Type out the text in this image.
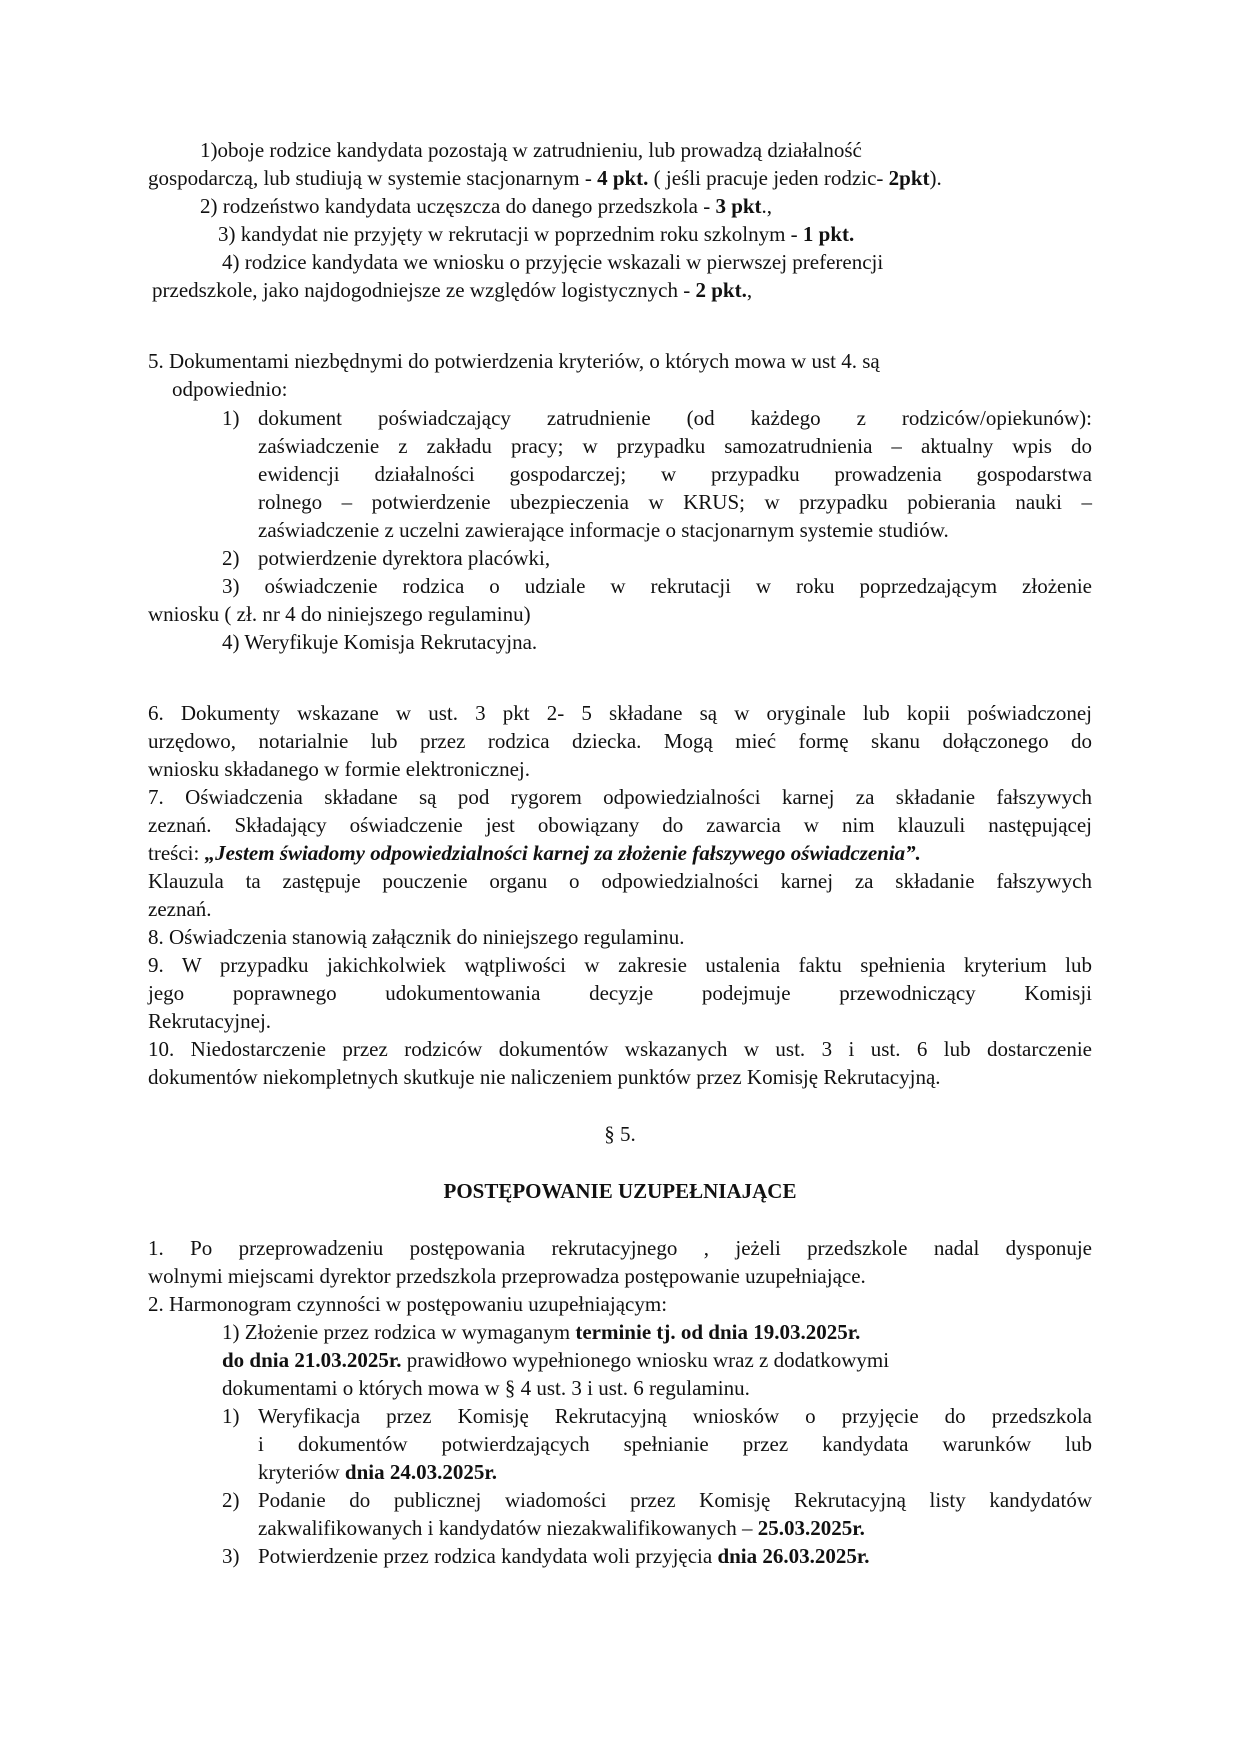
1)oboje rodzice kandydata pozostają w zatrudnieniu, lub prowadzą działalność

gospodarczą, lub studiują w systemie stacjonarnym - 4 pkt. ( jeśli pracuje jeden rodzic- 2pkt).

2) rodzeństwo kandydata uczęszcza do danego przedszkola - 3 pkt.,

3) kandydat nie przyjęty w rekrutacji w poprzednim roku szkolnym - 1 pkt.

4) rodzice kandydata we wniosku o przyjęcie wskazali w pierwszej preferencji

przedszkole, jako najdogodniejsze ze względów logistycznych - 2 pkt.,

5. Dokumentami niezbędnymi do potwierdzenia kryteriów, o których mowa w ust 4. są

odpowiednio:

1) dokument poświadczający zatrudnienie (od każdego z rodziców/opiekunów):

zaświadczenie z zakładu pracy; w przypadku samozatrudnienia – aktualny wpis do

ewidencji działalności gospodarczej; w przypadku prowadzenia gospodarstwa

rolnego – potwierdzenie ubezpieczenia w KRUS; w przypadku pobierania nauki –

zaświadczenie z uczelni zawierające informacje o stacjonarnym systemie studiów.

2) potwierdzenie dyrektora placówki,

3) oświadczenie rodzica o udziale w rekrutacji w roku poprzedzającym złożenie

wniosku ( zł. nr 4 do niniejszego regulaminu)

4) Weryfikuje Komisja Rekrutacyjna.

6. Dokumenty wskazane w ust. 3 pkt 2- 5 składane są w oryginale lub kopii poświadczonej

urzędowo, notarialnie lub przez rodzica dziecka. Mogą mieć formę skanu dołączonego do

wniosku składanego w formie elektronicznej.

7. Oświadczenia składane są pod rygorem odpowiedzialności karnej za składanie fałszywych

zeznań. Składający oświadczenie jest obowiązany do zawarcia w nim klauzuli następującej

treści: „Jestem świadomy odpowiedzialności karnej za złożenie fałszywego oświadczenia”.

Klauzula ta zastępuje pouczenie organu o odpowiedzialności karnej za składanie fałszywych

zeznań.

8. Oświadczenia stanowią załącznik do niniejszego regulaminu.

9. W przypadku jakichkolwiek wątpliwości w zakresie ustalenia faktu spełnienia kryterium lub

jego poprawnego udokumentowania decyzje podejmuje przewodniczący Komisji

Rekrutacyjnej.

10. Niedostarczenie przez rodziców dokumentów wskazanych w ust. 3 i ust. 6 lub dostarczenie

dokumentów niekompletnych skutkuje nie naliczeniem punktów przez Komisję Rekrutacyjną.

§ 5.

POSTĘPOWANIE UZUPEŁNIAJĄCE

1. Po przeprowadzeniu postępowania rekrutacyjnego , jeżeli przedszkole nadal dysponuje

wolnymi miejscami dyrektor przedszkola przeprowadza postępowanie uzupełniające.

2. Harmonogram czynności w postępowaniu uzupełniającym:

1) Złożenie przez rodzica w wymaganym terminie tj. od dnia 19.03.2025r.

do dnia 21.03.2025r. prawidłowo wypełnionego wniosku wraz z dodatkowymi

dokumentami o których mowa w § 4 ust. 3 i ust. 6 regulaminu.

1) Weryfikacja przez Komisję Rekrutacyjną wniosków o przyjęcie do przedszkola

i dokumentów potwierdzających spełnianie przez kandydata warunków lub

kryteriów dnia 24.03.2025r.

2) Podanie do publicznej wiadomości przez Komisję Rekrutacyjną listy kandydatów

zakwalifikowanych i kandydatów niezakwalifikowanych – 25.03.2025r.

3) Potwierdzenie przez rodzica kandydata woli przyjęcia dnia 26.03.2025r.
